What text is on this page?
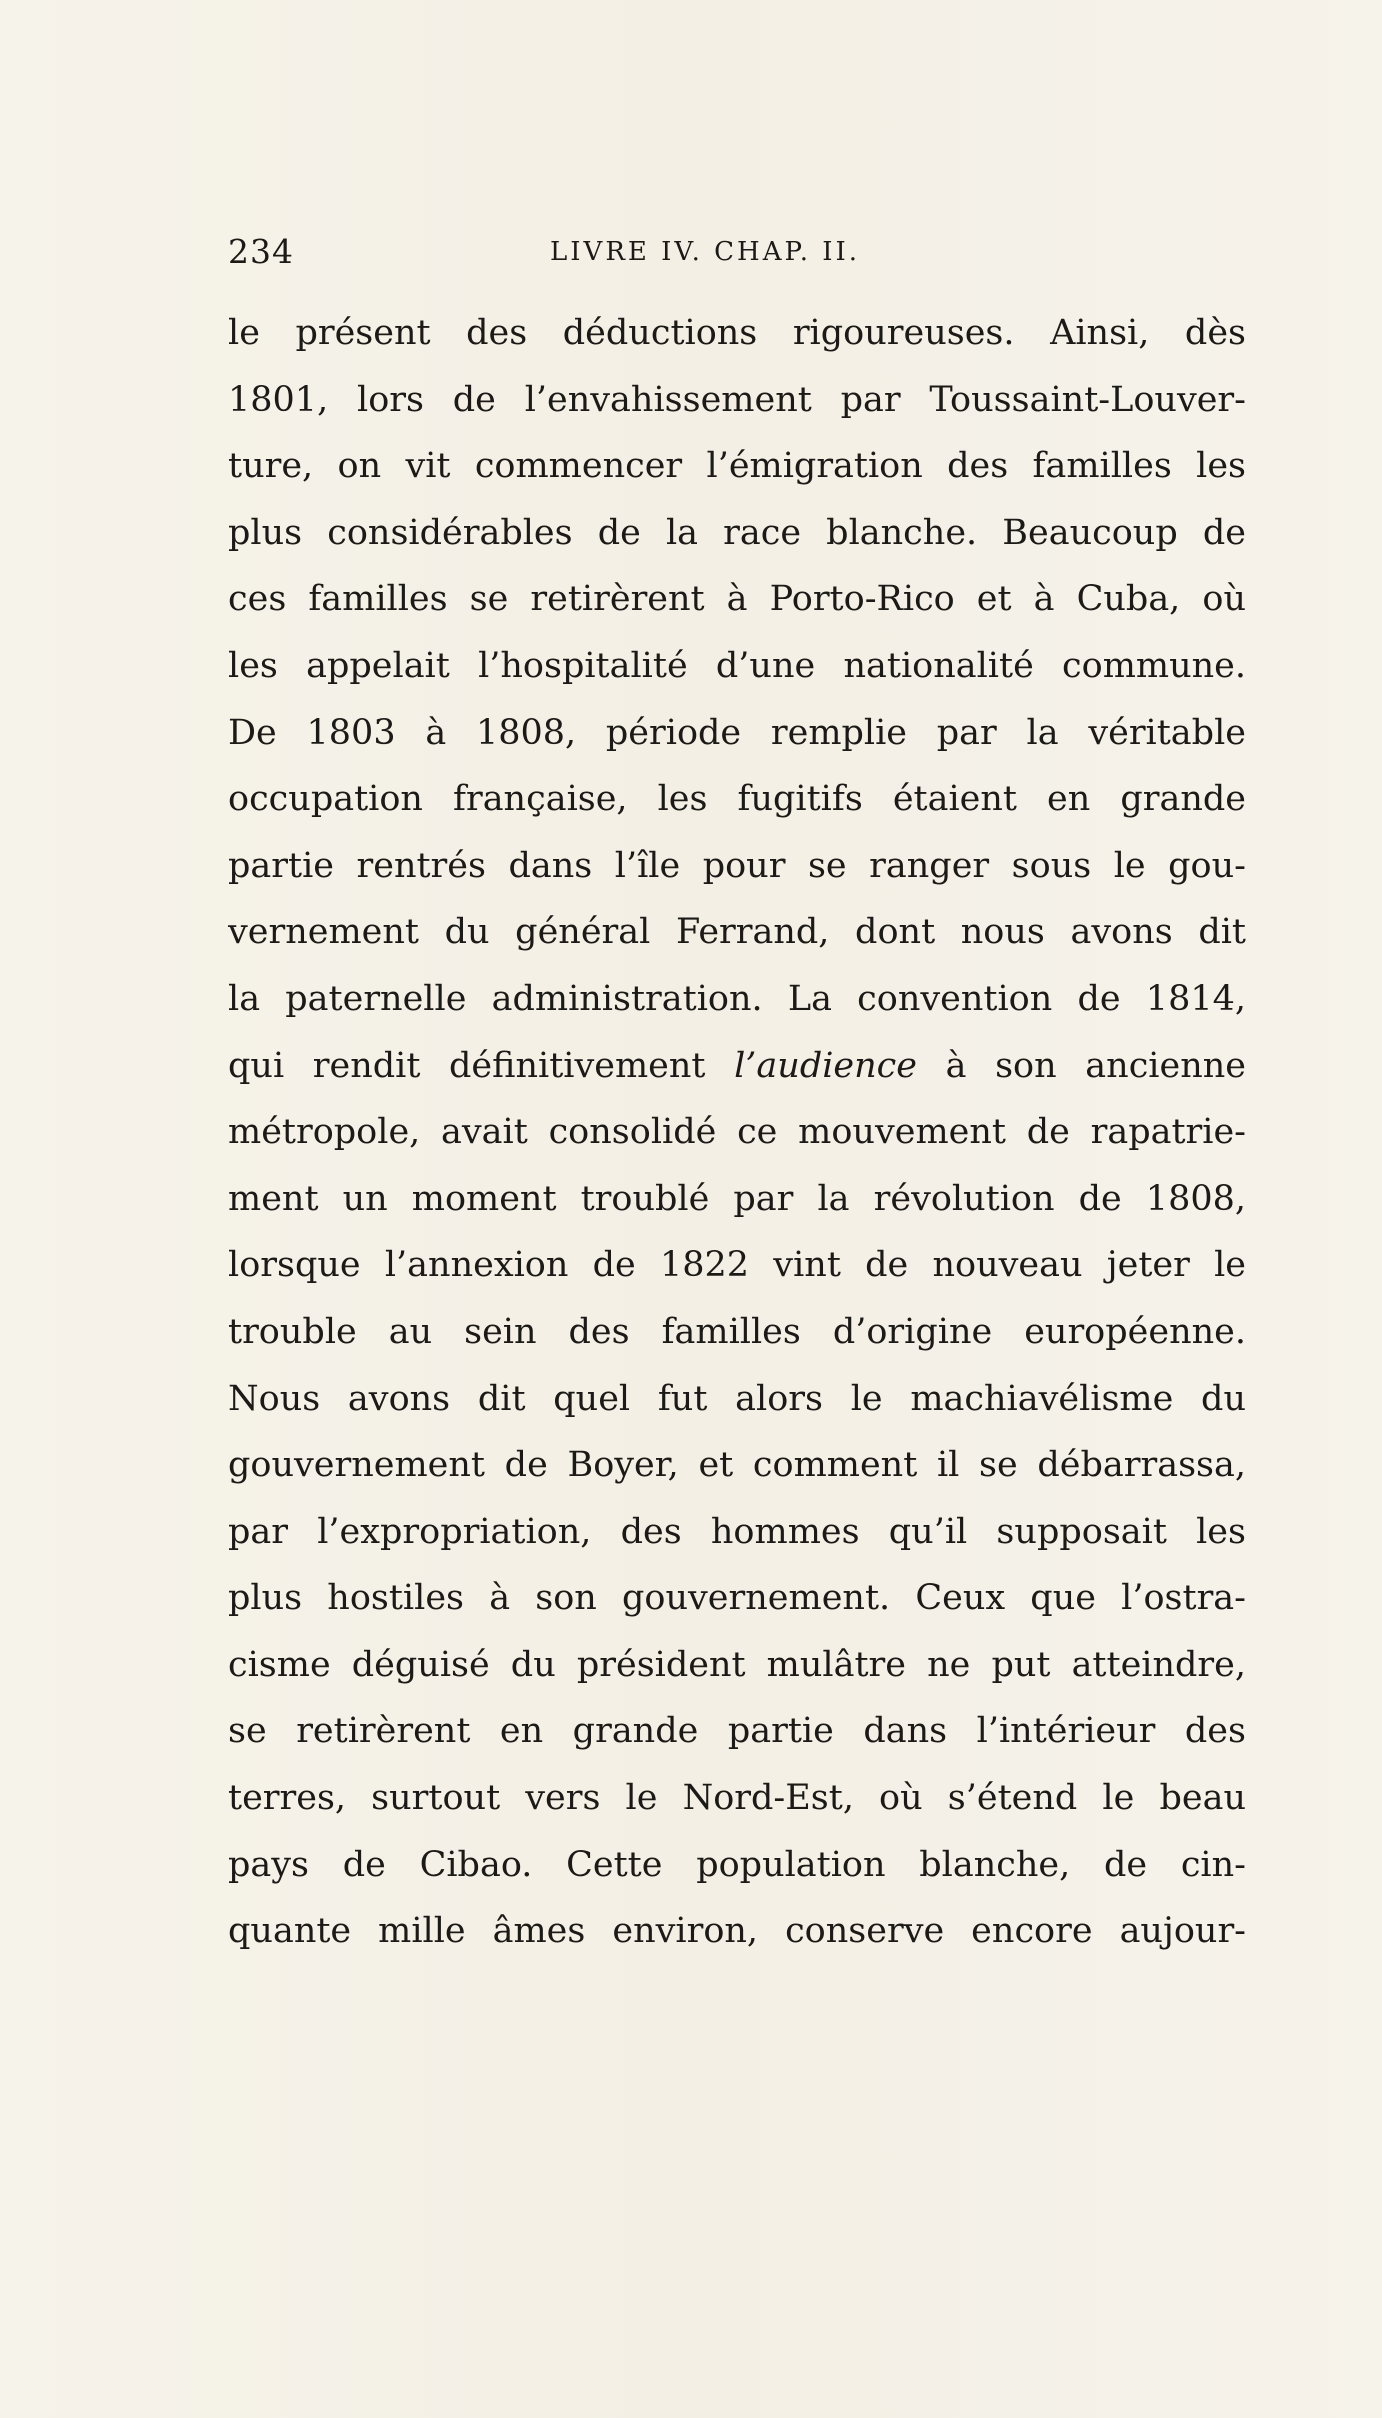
234	LIVRE IV. CHAP. II.
le présent des déductions rigoureuses. Ainsi, dès
1801, lors de l’envahissement par Toussaint-Louver-
ture, on vit commencer l’émigration des familles les
plus considérables de la race blanche. Beaucoup de
ces familles se retirèrent à Porto-Rico et à Cuba, où
les appelait l’hospitalité d’une nationalité commune.
De 1803 à 1808, période remplie par la véritable
occupation française, les fugitifs étaient en grande
partie rentrés dans l’île pour se ranger sous le gou-
vernement du général Ferrand, dont nous avons dit
la paternelle administration. La convention de 1814,
qui rendit définitivement l’audience à son ancienne
métropole, avait consolidé ce mouvement de rapatrie-
ment un moment troublé par la révolution de 1808,
lorsque l’annexion de 1822 vint de nouveau jeter le
trouble au sein des familles d’origine européenne.
Nous avons dit quel fut alors le machiavélisme du
gouvernement de Boyer, et comment il se débarrassa,
par l’expropriation, des hommes qu’il supposait les
plus hostiles à son gouvernement. Ceux que l’ostra-
cisme déguisé du président mulâtre ne put atteindre,
se retirèrent en grande partie dans l’intérieur des
terres, surtout vers le Nord-Est, où s’étend le beau
pays de Cibao. Cette population blanche, de cin-
quante mille âmes environ, conserve encore aujour-
